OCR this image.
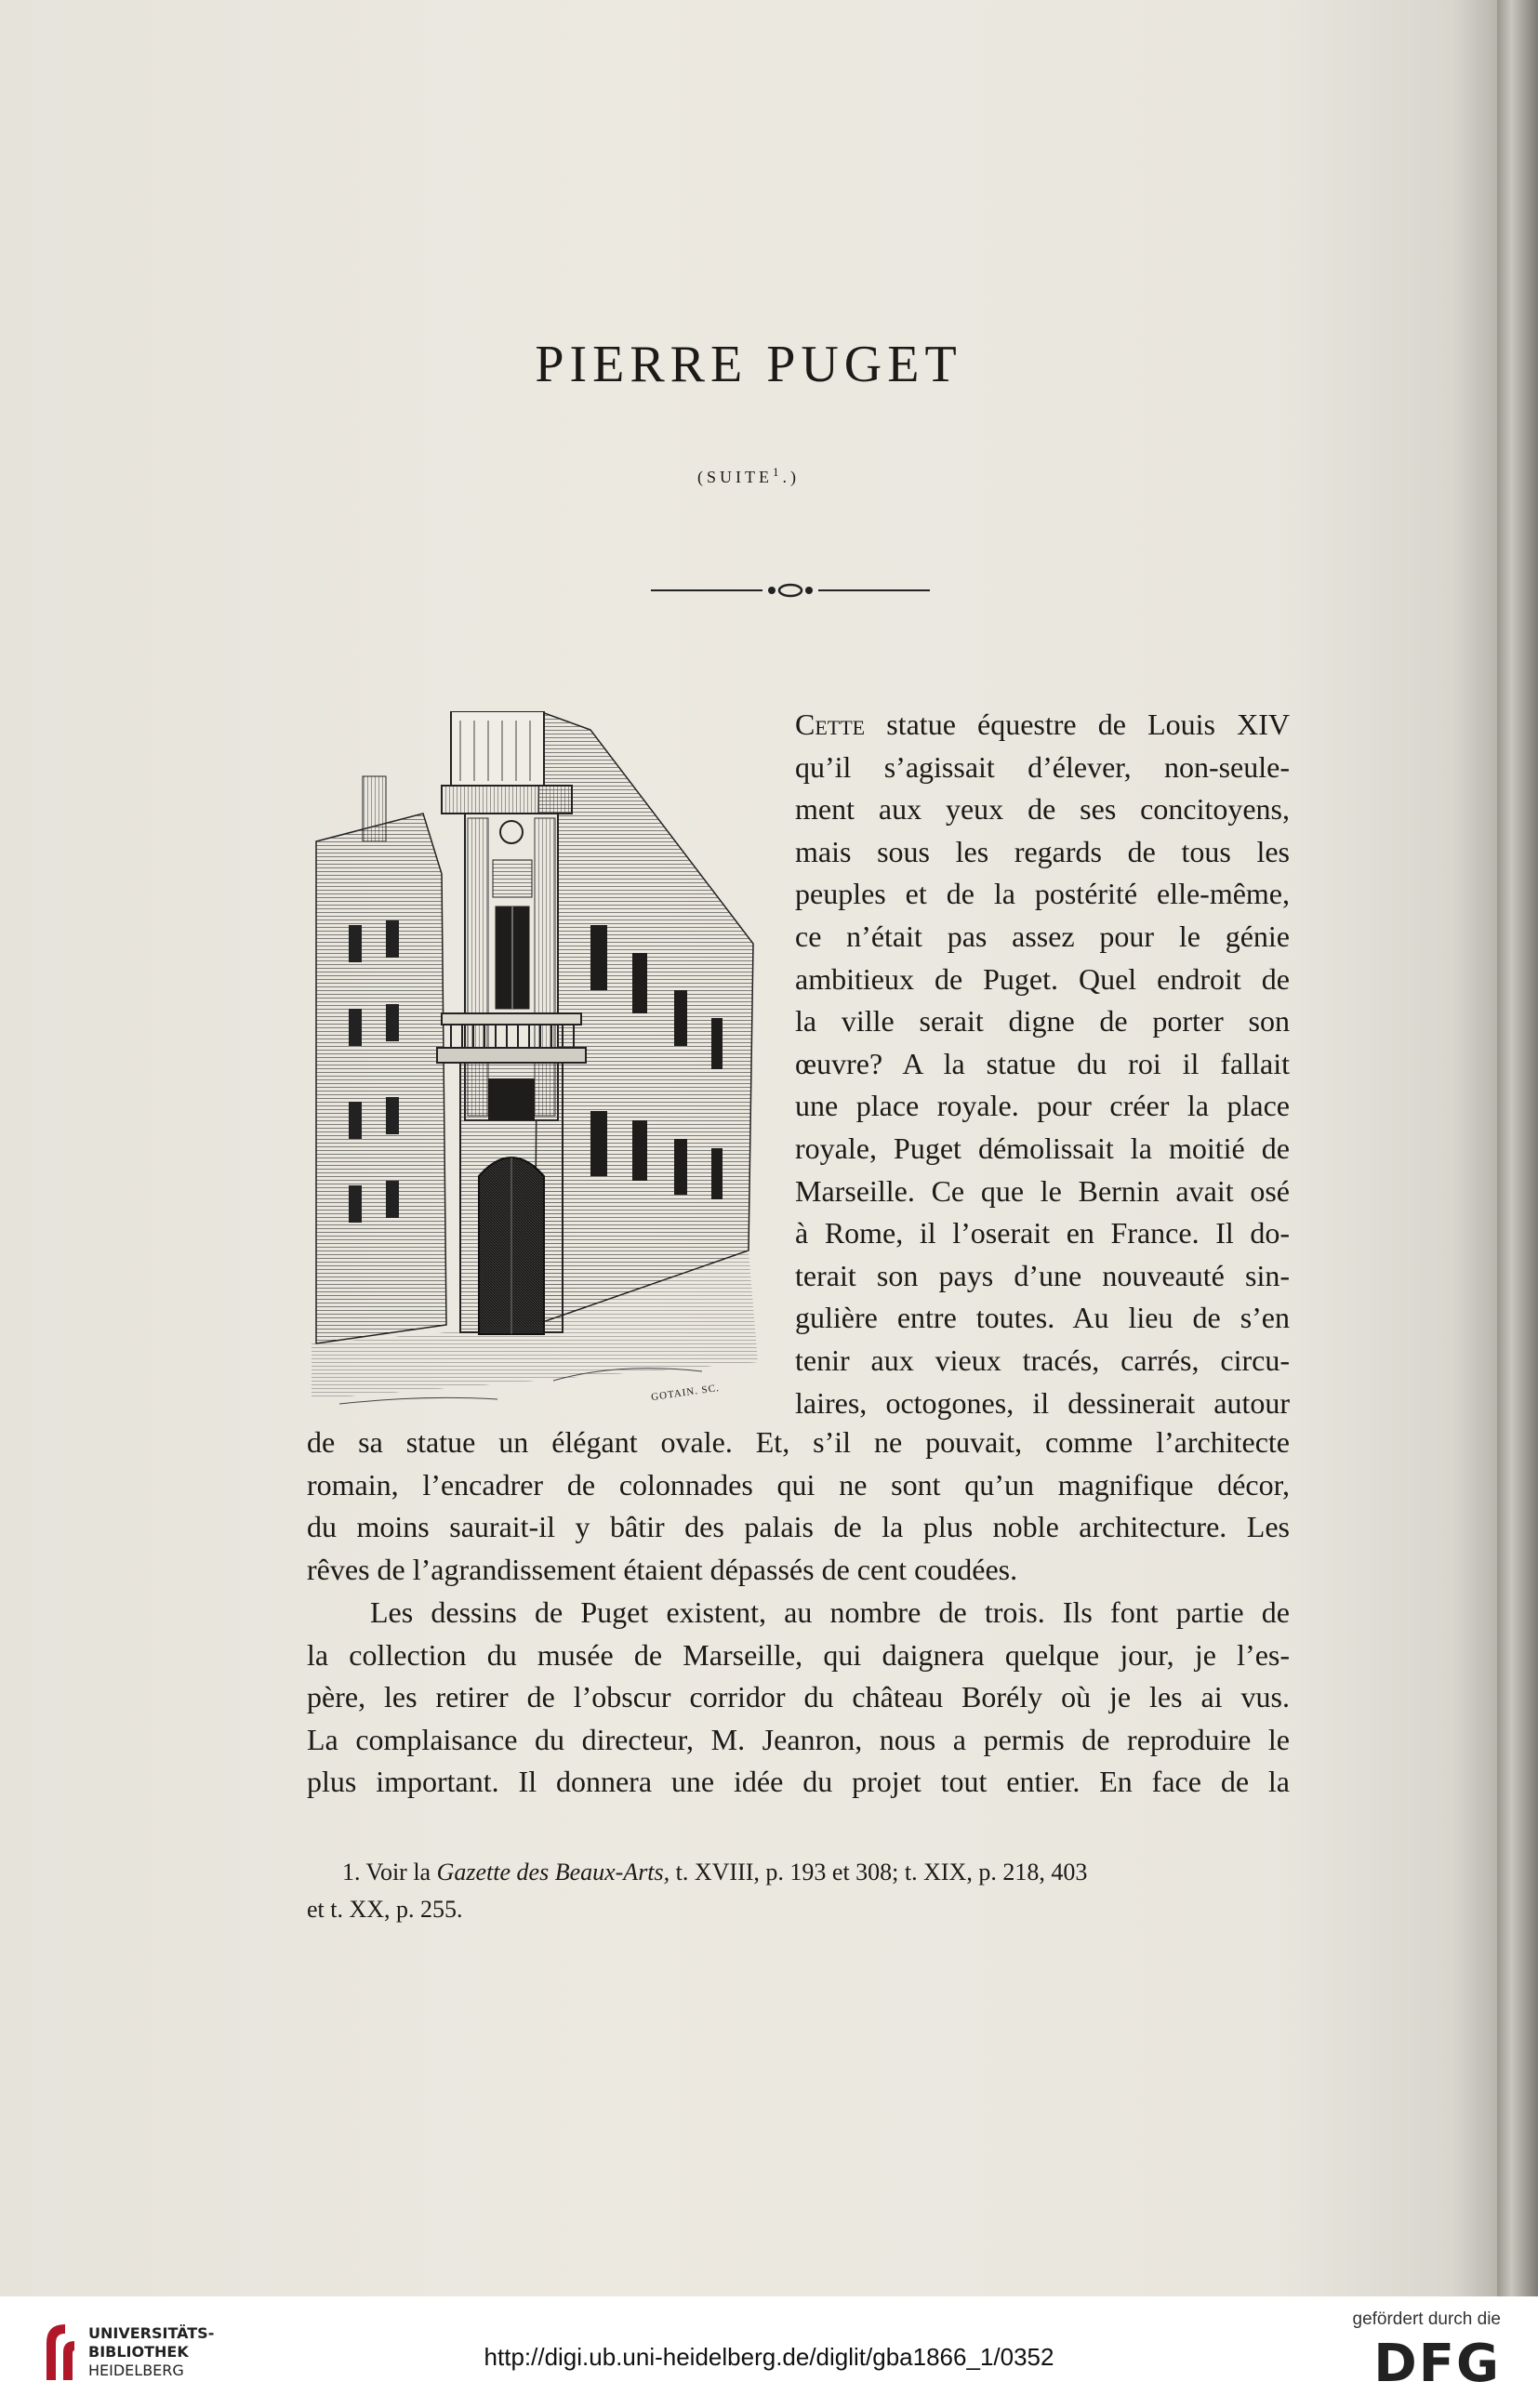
PIERRE PUGET
(SUITE$^1$.)
GOTAIN. SC.
Cette statue équestre de Louis XIV
qu’il s’agissait d’élever, non-seule-
ment aux yeux de ses concitoyens,
mais sous les regards de tous les
peuples et de la postérité elle-même,
ce n’était pas assez pour le génie
ambitieux de Puget. Quel endroit de
la ville serait digne de porter son
œuvre? A la statue du roi il fallait
une place royale. pour créer la place
royale, Puget démolissait la moitié de
Marseille. Ce que le Bernin avait osé
à Rome, il l’oserait en France. Il do-
terait son pays d’une nouveauté sin-
gulière entre toutes. Au lieu de s’en
tenir aux vieux tracés, carrés, circu-
laires, octogones, il dessinerait autour
de sa statue un élégant ovale. Et, s’il ne pouvait, comme l’architecte
romain, l’encadrer de colonnades qui ne sont qu’un magnifique décor,
du moins saurait-il y bâtir des palais de la plus noble architecture. Les
rêves de l’agrandissement étaient dépassés de cent coudées.
Les dessins de Puget existent, au nombre de trois. Ils font partie de
la collection du musée de Marseille, qui daignera quelque jour, je l’es-
père, les retirer de l’obscur corridor du château Borély où je les ai vus.
La complaisance du directeur, M. Jeanron, nous a permis de reproduire le
plus important. Il donnera une idée du projet tout entier. En face de la
1. Voir la Gazette des Beaux-Arts, t. XVIII, p. 193 et 308; t. XIX, p. 218, 403
et t. XX, p. 255.
UNIVERSITÄTS-
BIBLIOTHEK
HEIDELBERG	http://digi.ub.uni-heidelberg.de/diglit/gba1866_1/0352
gefördert durch die
DFG
